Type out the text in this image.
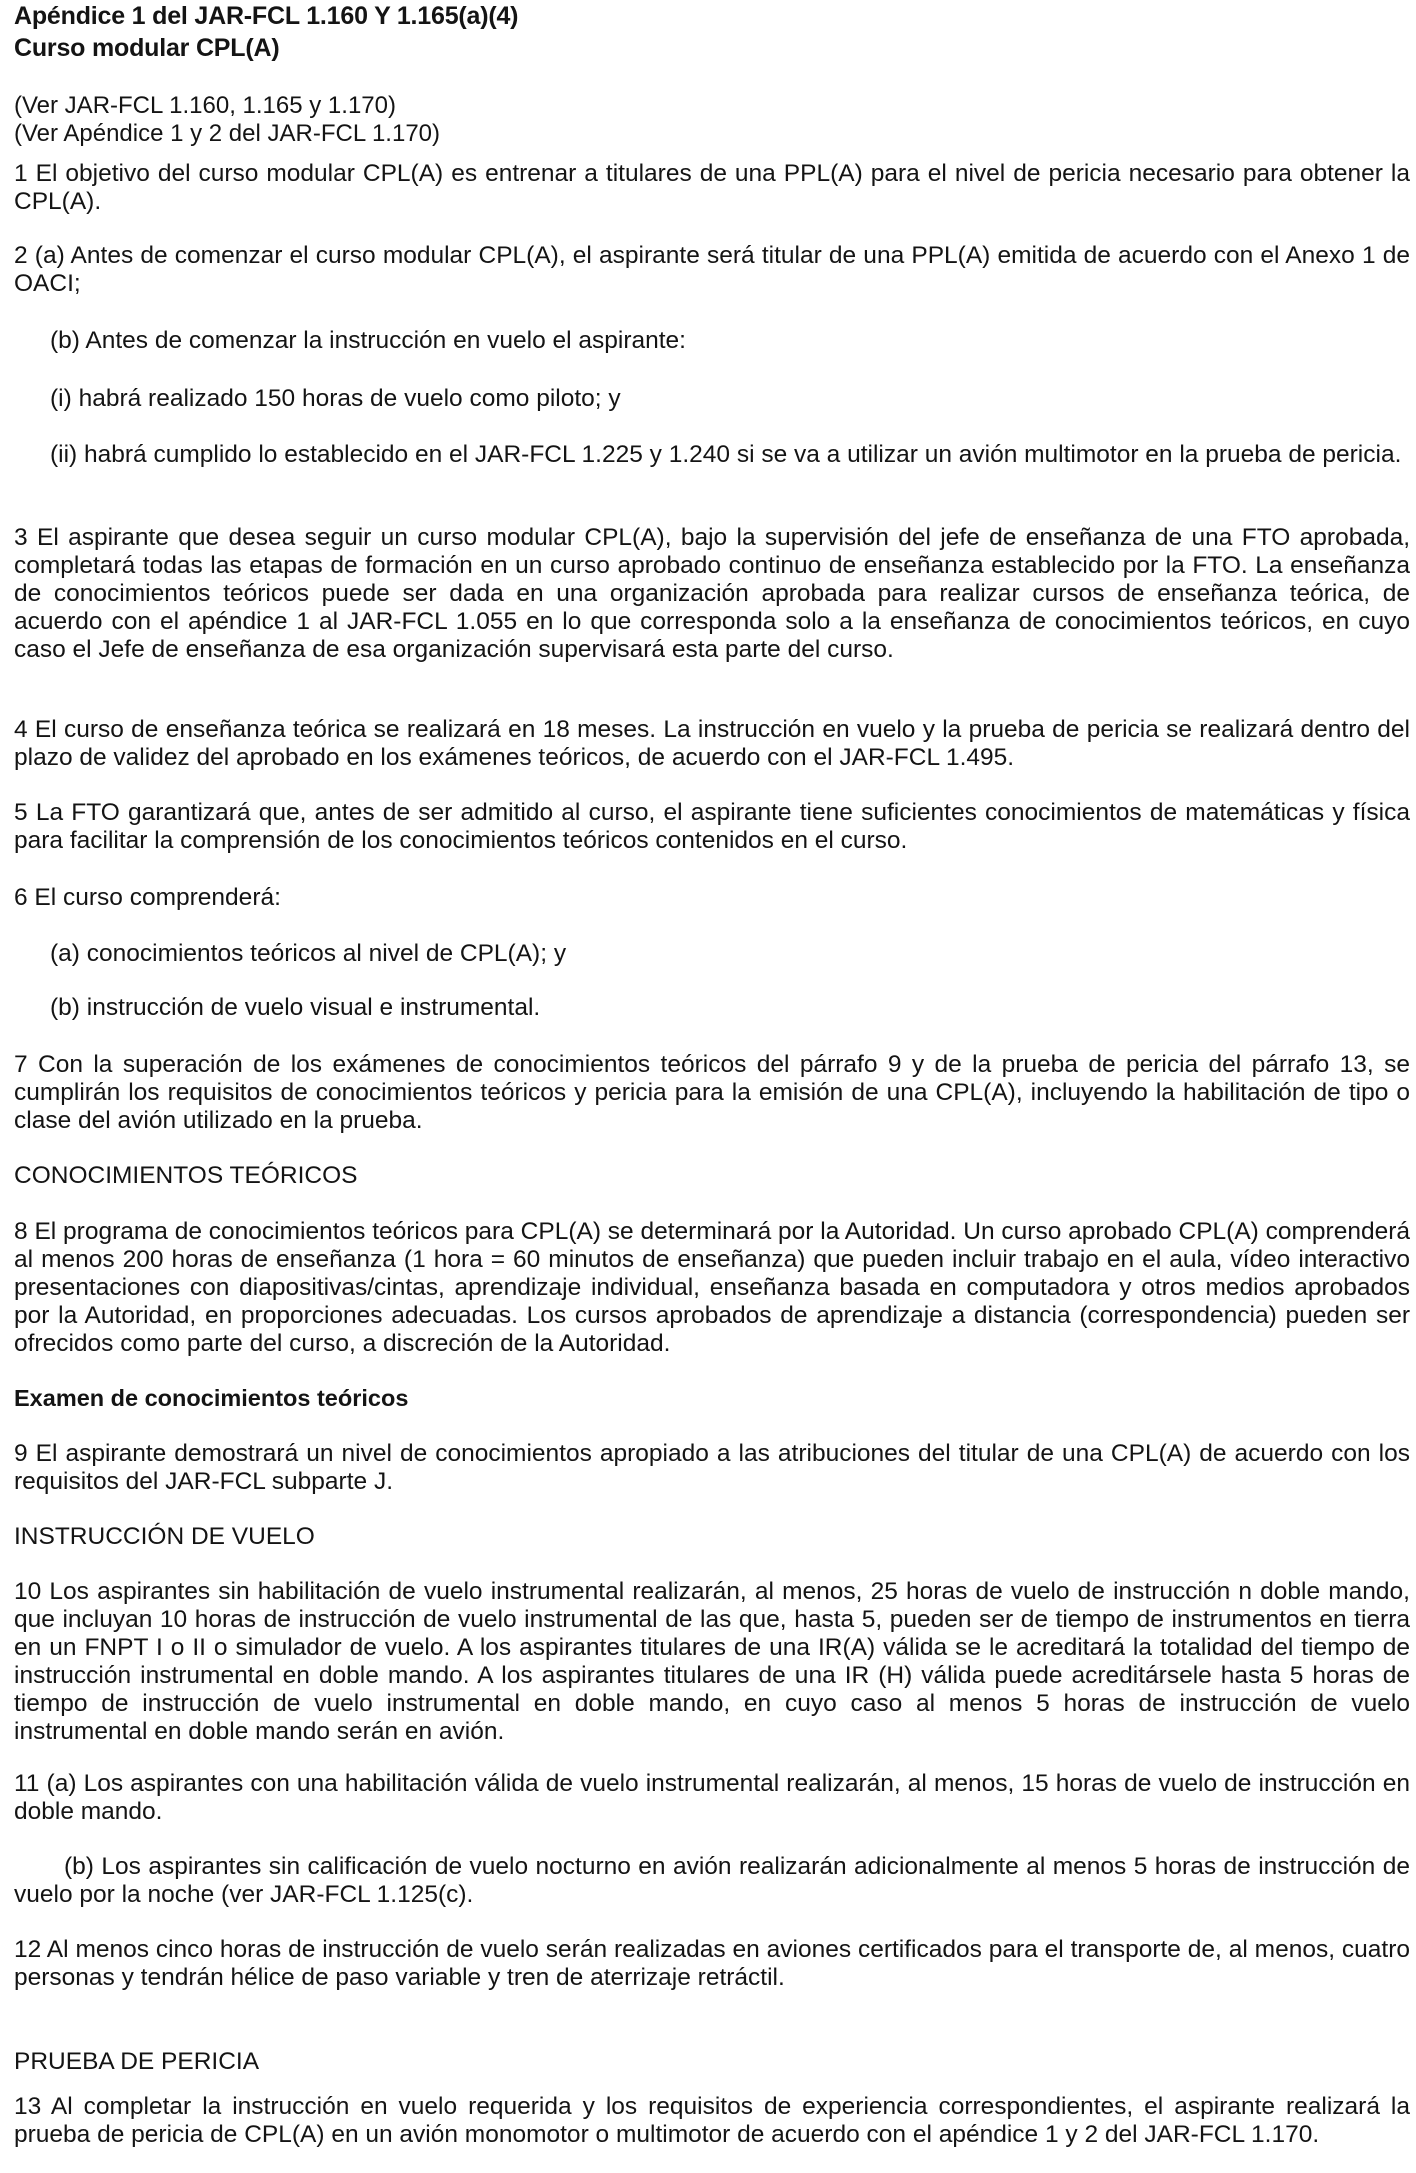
Apéndice 1 del JAR-FCL 1.160 Y 1.165(a)(4)

Curso modular CPL(A)

(Ver JAR-FCL 1.160, 1.165 y 1.170)

(Ver Apéndice 1 y 2 del JAR-FCL 1.170)

1 El objetivo del curso modular CPL(A) es entrenar a titulares de una PPL(A) para el nivel de pericia necesario para obtener la CPL(A).

2 (a) Antes de comenzar el curso modular CPL(A), el aspirante será titular de una PPL(A) emitida de acuerdo con el Anexo 1 de OACI;

(b) Antes de comenzar la instrucción en vuelo el aspirante:

(i) habrá realizado 150 horas de vuelo como piloto; y

(ii) habrá cumplido lo establecido en el JAR-FCL 1.225 y 1.240 si se va a utilizar un avión multimotor en la prueba de pericia.

3 El aspirante que desea seguir un curso modular CPL(A), bajo la supervisión del jefe de enseñanza de una FTO aprobada, completará todas las etapas de formación en un curso aprobado continuo de enseñanza establecido por la FTO. La enseñanza de conocimientos teóricos puede ser dada en una organización aprobada para realizar cursos de enseñanza teórica, de acuerdo con el apéndice 1 al JAR-FCL 1.055 en lo que corresponda solo a la enseñanza de conocimientos teóricos, en cuyo caso el Jefe de enseñanza de esa organización supervisará esta parte del curso.

4 El curso de enseñanza teórica se realizará en 18 meses. La instrucción en vuelo y la prueba de pericia se realizará dentro del plazo de validez del aprobado en los exámenes teóricos, de acuerdo con el JAR-FCL 1.495.

5 La FTO garantizará que, antes de ser admitido al curso, el aspirante tiene suficientes conocimientos de matemáticas y física para facilitar la comprensión de los conocimientos teóricos contenidos en el curso.

6 El curso comprenderá:

(a) conocimientos teóricos al nivel de CPL(A); y

(b) instrucción de vuelo visual e instrumental.

7 Con la superación de los exámenes de conocimientos teóricos del párrafo 9 y de la prueba de pericia del párrafo 13, se cumplirán los requisitos de conocimientos teóricos y pericia para la emisión de una CPL(A), incluyendo la habilitación de tipo o clase del avión utilizado en la prueba.

CONOCIMIENTOS TEÓRICOS

8 El programa de conocimientos teóricos para CPL(A) se determinará por la Autoridad. Un curso aprobado CPL(A) comprenderá al menos 200 horas de enseñanza (1 hora = 60 minutos de enseñanza) que pueden incluir trabajo en el aula, vídeo interactivo presentaciones con diapositivas/cintas, aprendizaje individual, enseñanza basada en computadora y otros medios aprobados por la Autoridad, en proporciones adecuadas. Los cursos aprobados de aprendizaje a distancia (correspondencia) pueden ser ofrecidos como parte del curso, a discreción de la Autoridad.

Examen de conocimientos teóricos

9 El aspirante demostrará un nivel de conocimientos apropiado a las atribuciones del titular de una CPL(A) de acuerdo con los requisitos del JAR-FCL subparte J.

INSTRUCCIÓN DE VUELO

10 Los aspirantes sin habilitación de vuelo instrumental realizarán, al menos, 25 horas de vuelo de instrucción n doble mando, que incluyan 10 horas de instrucción de vuelo instrumental de las que, hasta 5, pueden ser de tiempo de instrumentos en tierra en un FNPT I o II o simulador de vuelo. A los aspirantes titulares de una IR(A) válida se le acreditará la totalidad del tiempo de instrucción instrumental en doble mando. A los aspirantes titulares de una IR (H) válida puede acreditársele hasta 5 horas de tiempo de instrucción de vuelo instrumental en doble mando, en cuyo caso al menos 5 horas de instrucción de vuelo instrumental en doble mando serán en avión.

11 (a) Los aspirantes con una habilitación válida de vuelo instrumental realizarán, al menos, 15 horas de vuelo de instrucción en doble mando.

(b) Los aspirantes sin calificación de vuelo nocturno en avión realizarán adicionalmente al menos 5 horas de instrucción de vuelo por la noche (ver JAR-FCL 1.125(c).

12 Al menos cinco horas de instrucción de vuelo serán realizadas en aviones certificados para el transporte de, al menos, cuatro personas y tendrán hélice de paso variable y tren de aterrizaje retráctil.

PRUEBA DE PERICIA

13 Al completar la instrucción en vuelo requerida y los requisitos de experiencia correspondientes, el aspirante realizará la prueba de pericia de CPL(A) en un avión monomotor o multimotor de acuerdo con el apéndice 1 y 2 del JAR-FCL 1.170.
